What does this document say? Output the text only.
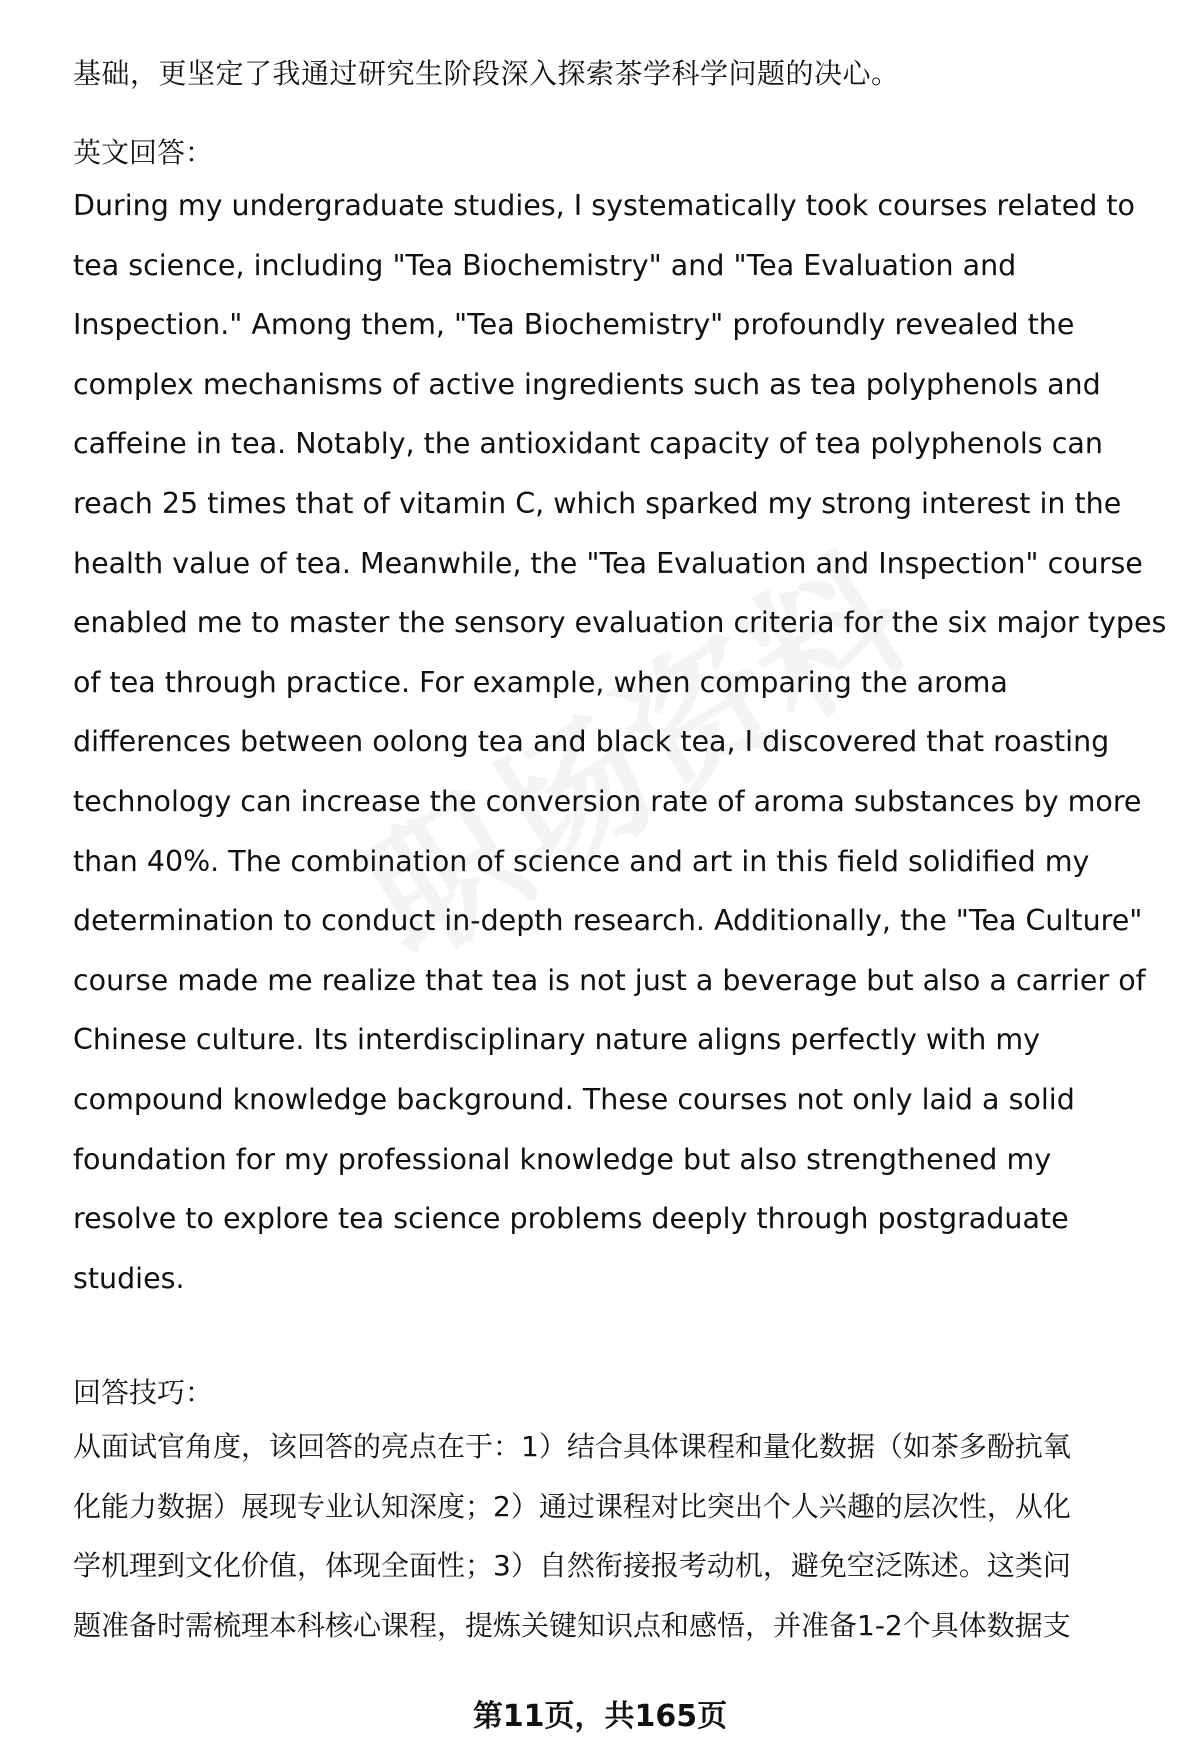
基础，更坚定了我通过研究生阶段深入探索茶学科学问题的决心。

英文回答：

During my undergraduate studies, I systematically took courses related to
tea science, including "Tea Biochemistry" and "Tea Evaluation and
Inspection." Among them, "Tea Biochemistry" profoundly revealed the
complex mechanisms of active ingredients such as tea polyphenols and
caffeine in tea. Notably, the antioxidant capacity of tea polyphenols can
reach 25 times that of vitamin C, which sparked my strong interest in the
health value of tea. Meanwhile, the "Tea Evaluation and Inspection" course
enabled me to master the sensory evaluation criteria for the six major types
of tea through practice. For example, when comparing the aroma
differences between oolong tea and black tea, I discovered that roasting
technology can increase the conversion rate of aroma substances by more
than 40%. The combination of science and art in this field solidified my
determination to conduct in-depth research. Additionally, the "Tea Culture"
course made me realize that tea is not just a beverage but also a carrier of
Chinese culture. Its interdisciplinary nature aligns perfectly with my
compound knowledge background. These courses not only laid a solid
foundation for my professional knowledge but also strengthened my
resolve to explore tea science problems deeply through postgraduate
studies.

回答技巧：

从面试官角度，该回答的亮点在于：1）结合具体课程和量化数据（如茶多酚抗氧
化能力数据）展现专业认知深度；2）通过课程对比突出个人兴趣的层次性，从化
学机理到文化价值，体现全面性；3）自然衔接报考动机，避免空泛陈述。这类问
题准备时需梳理本科核心课程，提炼关键知识点和感悟，并准备1-2个具体数据支
第11页，共165页
